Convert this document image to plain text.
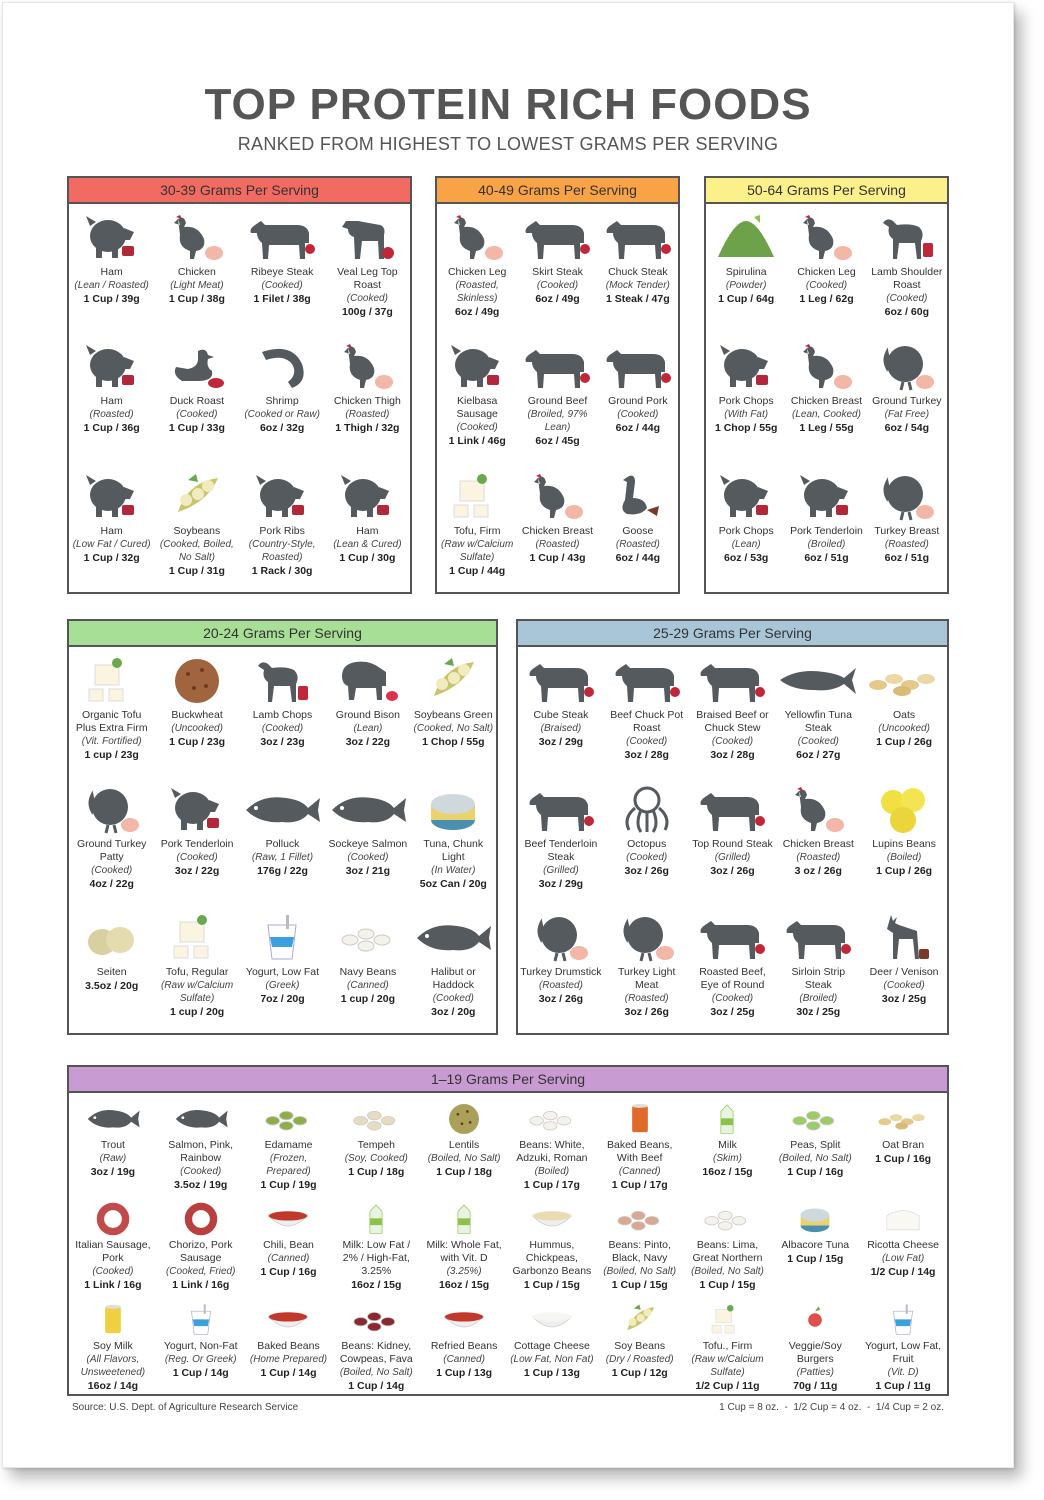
TOP PROTEIN RICH FOODS
RANKED FROM HIGHEST TO LOWEST GRAMS PER SERVING
30-39 Grams Per Serving
Ham
(Lean / Roasted)
1 Cup / 39g
Chicken
(Light Meat)
1 Cup / 38g
Ribeye Steak
(Cooked)
1 Filet / 38g
Veal Leg Top Roast
(Cooked)
100g / 37g
Ham
(Roasted)
1 Cup / 36g
Duck Roast
(Cooked)
1 Cup / 33g
Shrimp
(Cooked or Raw)
6oz / 32g
Chicken Thigh
(Roasted)
1 Thigh / 32g
Ham
(Low Fat / Cured)
1 Cup / 32g
Soybeans
(Cooked, Boiled, No Salt)
1 Cup / 31g
Pork Ribs
(Country-Style, Roasted)
1 Rack / 30g
Ham
(Lean & Cured)
1 Cup / 30g
40-49 Grams Per Serving
Chicken Leg
(Roasted, Skinless)
6oz / 49g
Skirt Steak
(Cooked)
6oz / 49g
Chuck Steak
(Mock Tender)
1 Steak / 47g
Kielbasa Sausage
(Cooked)
1 Link / 46g
Ground Beef
(Broiled, 97% Lean)
6oz / 45g
Ground Pork
(Cooked)
6oz / 44g
Tofu, Firm
(Raw w/Calcium Sulfate)
1 Cup / 44g
Chicken Breast
(Roasted)
1 Cup / 43g
Goose
(Roasted)
6oz / 44g
50-64 Grams Per Serving
Spirulina
(Powder)
1 Cup / 64g
Chicken Leg
(Cooked)
1 Leg / 62g
Lamb Shoulder Roast
(Cooked)
6oz / 60g
Pork Chops
(With Fat)
1 Chop / 55g
Chicken Breast
(Lean, Cooked)
1 Leg / 55g
Ground Turkey
(Fat Free)
6oz / 54g
Pork Chops
(Lean)
6oz / 53g
Pork Tenderloin
(Broiled)
6oz / 51g
Turkey Breast
(Roasted)
6oz / 51g
20-24 Grams Per Serving
Organic Tofu Plus Extra Firm
(Vit. Fortified)
1 cup / 23g
Buckwheat
(Uncooked)
1 Cup / 23g
Lamb Chops
(Cooked)
3oz / 23g
Ground Bison
(Lean)
3oz / 22g
Soybeans Green
(Cooked, No Salt)
1 Chop / 55g
Ground Turkey Patty
(Cooked)
4oz / 22g
Pork Tenderloin
(Cooked)
3oz / 22g
Polluck
(Raw, 1 Fillet)
176g / 22g
Sockeye Salmon
(Cooked)
3oz / 21g
Tuna, Chunk Light
(In Water)
5oz Can / 20g
Seiten
3.5oz / 20g
Tofu, Regular
(Raw w/Calcium Sulfate)
1 cup / 20g
Yogurt, Low Fat
(Greek)
7oz / 20g
Navy Beans
(Canned)
1 cup / 20g
Halibut or Haddock
(Cooked)
3oz / 20g
25-29 Grams Per Serving
Cube Steak
(Braised)
3oz / 29g
Beef Chuck Pot Roast
(Cooked)
3oz / 28g
Braised Beef or Chuck Stew
(Cooked)
3oz / 28g
Yellowfin Tuna Steak
(Cooked)
6oz / 27g
Oats
(Uncooked)
1 Cup / 26g
Beef Tenderloin Steak
(Grilled)
3oz / 29g
Octopus
(Cooked)
3oz / 26g
Top Round Steak
(Grilled)
3oz / 26g
Chicken Breast
(Roasted)
3 oz / 26g
Lupins Beans
(Boiled)
1 Cup / 26g
Turkey Drumstick
(Roasted)
3oz / 26g
Turkey Light Meat
(Roasted)
3oz / 26g
Roasted Beef, Eye of Round
(Cooked)
3oz / 25g
Sirloin Strip Steak
(Broiled)
30z / 25g
Deer / Venison
(Cooked)
3oz / 25g
1–19 Grams Per Serving
Trout
(Raw)
3oz / 19g
Salmon, Pink, Rainbow
(Cooked)
3.5oz / 19g
Edamame
(Frozen, Prepared)
1 Cup / 19g
Tempeh
(Soy, Cooked)
1 Cup / 18g
Lentils
(Boiled, No Salt)
1 Cup / 18g
Beans: White, Adzuki, Roman
(Boiled)
1 Cup / 17g
Baked Beans, With Beef
(Canned)
1 Cup / 17g
Milk
(Skim)
16oz / 15g
Peas, Split
(Boiled, No Salt)
1 Cup / 16g
Oat Bran
1 Cup / 16g
Italian Sausage, Pork
(Cooked)
1 Link / 16g
Chorizo, Pork Sausage
(Cooked, Fried)
1 Link / 16g
Chili, Bean
(Canned)
1 Cup / 16g
Milk: Low Fat / 2% / High-Fat, 3.25%
16oz / 15g
Milk: Whole Fat, with Vit. D
(3.25%)
16oz / 15g
Hummus, Chickpeas, Garbonzo Beans
1 Cup / 15g
Beans: Pinto, Black, Navy
(Boiled, No Salt)
1 Cup / 15g
Beans: Lima, Great Northern
(Boiled, No Salt)
1 Cup / 15g
Albacore Tuna
1 Cup / 15g
Ricotta Cheese
(Low Fat)
1/2 Cup / 14g
Soy Milk
(All Flavors, Unsweetened)
16oz / 14g
Yogurt, Non-Fat
(Reg. Or Greek)
1 Cup / 14g
Baked Beans
(Home Prepared)
1 Cup / 14g
Beans: Kidney, Cowpeas, Fava
(Boiled, No Salt)
1 Cup / 14g
Refried Beans
(Canned)
1 Cup / 13g
Cottage Cheese
(Low Fat, Non Fat)
1 Cup / 13g
Soy Beans
(Dry / Roasted)
1 Cup / 12g
Tofu., Firm
(Raw w/Calcium Sulfate)
1/2 Cup / 11g
Veggie/Soy Burgers
(Patties)
70g / 11g
Yogurt, Low Fat, Fruit
(Vit. D)
1 Cup / 11g
Source: U.S. Dept. of Agriculture Research Service	1 Cup = 8 oz.  -  1/2 Cup = 4 oz.  -  1/4 Cup = 2 oz.
